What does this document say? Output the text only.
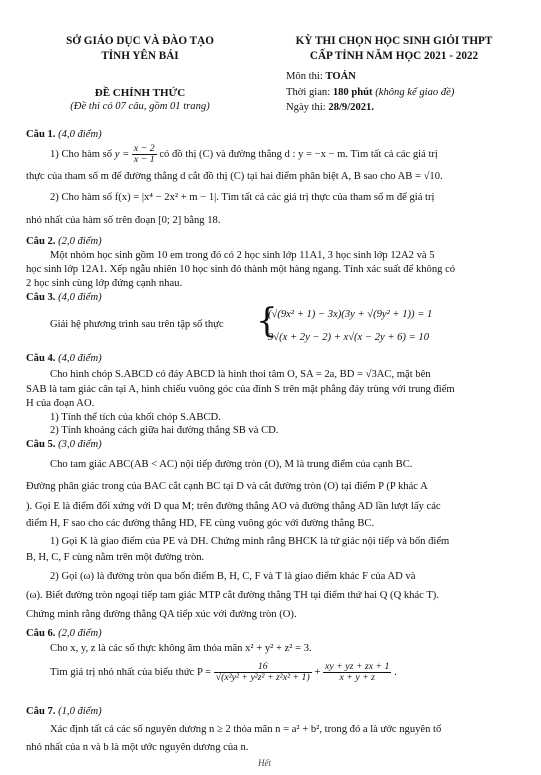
SỞ GIÁO DỤC VÀ ĐÀO TẠO
TỈNH YÊN BÁI
KỲ THI CHỌN HỌC SINH GIỎI THPT
CẤP TỈNH NĂM HỌC 2021 - 2022
ĐỀ CHÍNH THỨC
(Đề thi có 07 câu, gồm 01 trang)
Môn thi: TOÁN
Thời gian: 180 phút (không kể giao đề)
Ngày thi: 28/9/2021.
Câu 1. (4,0 điểm)
1) Cho hàm số $y = \frac{x - 2}{x - 1}$ có đồ thị (C) và đường thẳng d : y = −x − m. Tìm tất cả các giá trị
thực của tham số m để đường thẳng d cắt đồ thị (C) tại hai điểm phân biệt A, B sao cho AB = √10.
2) Cho hàm số f(x) = |x⁴ − 2x² + m − 1|. Tìm tất cả các giá trị thực của tham số m để giá trị
nhỏ nhất của hàm số trên đoạn [0; 2] bằng 18.
Câu 2. (2,0 điểm)
Một nhóm học sinh gồm 10 em trong đó có 2 học sinh lớp 11A1, 3 học sinh lớp 12A2 và 5
học sinh lớp 12A1. Xếp ngẫu nhiên 10 học sinh đó thành một hàng ngang. Tính xác suất để không có
2 học sinh cùng lớp đứng cạnh nhau.
Câu 3. (4,0 điểm)
Giải hệ phương trình sau trên tập số thực {
(√(9x² + 1) − 3x)(3y + √(9y² + 1)) = 1
3√(x + 2y − 2) + x√(x − 2y + 6) = 10
Câu 4. (4,0 điểm)
Cho hình chóp S.ABCD có đáy ABCD là hình thoi tâm O, SA = 2a, BD = √3AC, mặt bên
SAB là tam giác cân tại A, hình chiếu vuông góc của đỉnh S trên mặt phẳng đáy trùng với trung điểm
H của đoạn AO.
1) Tính thể tích của khối chóp S.ABCD.
2) Tính khoảng cách giữa hai đường thẳng SB và CD.
Câu 5. (3,0 điểm)
Cho tam giác ABC(AB < AC) nội tiếp đường tròn (O), M là trung điểm của cạnh BC.
Đường phân giác trong của BAC cắt cạnh BC tại D và cắt đường tròn (O) tại điểm P (P khác A
). Gọi E là điểm đối xứng với D qua M; trên đường thẳng AO và đường thẳng AD lần lượt lấy các
điểm H, F sao cho các đường thẳng HD, FE cùng vuông góc với đường thẳng BC.
1) Gọi K là giao điểm của PE và DH. Chứng minh rằng BHCK là tứ giác nội tiếp và bốn điểm
B, H, C, F cùng nằm trên một đường tròn.
2) Gọi (ω) là đường tròn qua bốn điểm B, H, C, F và T là giao điểm khác F của AD và
(ω). Biết đường tròn ngoại tiếp tam giác MTP cắt đường thẳng TH tại điểm thứ hai Q (Q khác T).
Chứng minh rằng đường thẳng QA tiếp xúc với đường tròn (O).
Câu 6. (2,0 điểm)
Cho x, y, z là các số thực không âm thỏa mãn x² + y² + z² = 3.
Tìm giá trị nhỏ nhất của biểu thức $P = \frac{16}{\text{√(x²y² + y²z² + z²x² + 1)}} + \frac{xy + yz + zx + 1}{x + y + z}$ .
Câu 7. (1,0 điểm)
Xác định tất cả các số nguyên dương n ≥ 2 thỏa mãn n = a² + b², trong đó a là ước nguyên tố
nhỏ nhất của n và b là một ước nguyên dương của n.
Hết
